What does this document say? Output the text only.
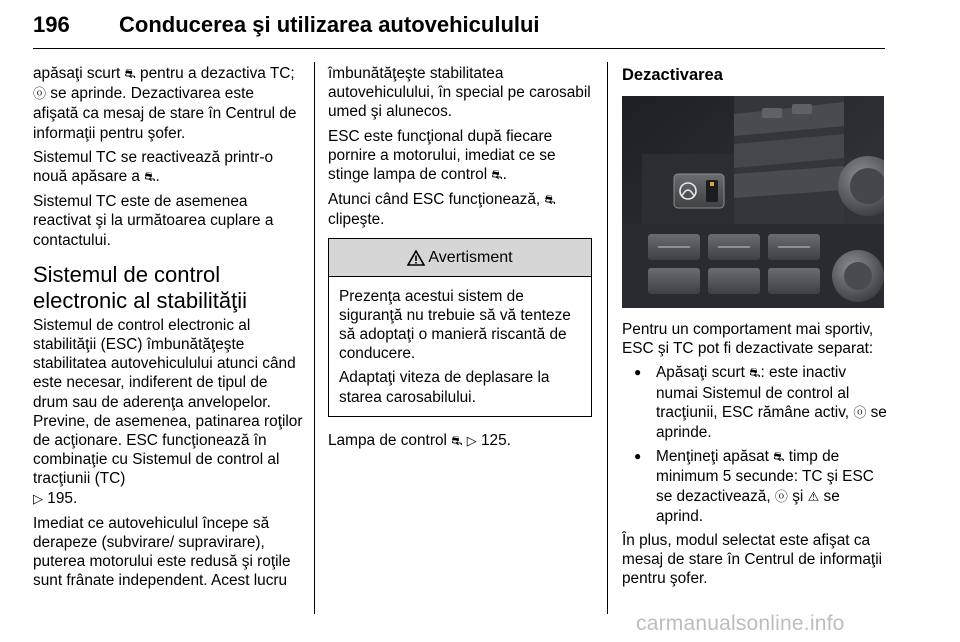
196 Conducerea şi utilizarea autovehiculului

apăsaţi scurt ⛐ pentru a dezactiva TC; ⓞ se aprinde. Dezactivarea este afişată ca mesaj de stare în Centrul de informaţii pentru şofer.

Sistemul TC se reactivează printr-o nouă apăsare a ⛐.

Sistemul TC este de asemenea reactivat şi la următoarea cuplare a contactului.

Sistemul de control electronic al stabilităţii

Sistemul de control electronic al stabilităţii (ESC) îmbunătăţeşte stabilitatea autovehiculului atunci când este necesar, indiferent de tipul de drum sau de aderenţa anvelopelor. Previne, de asemenea, patinarea roţilor de acţionare. ESC funcţionează în combinaţie cu Sistemul de control al tracţiunii (TC)
▷ 195.

Imediat ce autovehiculul începe să derapeze (subvirare/ supravirare), puterea motorului este redusă şi roţile sunt frânate independent. Acest lucru

îmbunătăţeşte stabilitatea autovehiculului, în special pe carosabil umed şi alunecos.

ESC este funcţional după fiecare pornire a motorului, imediat ce se stinge lampa de control ⛐.

Atunci când ESC funcţionează, ⛐ clipeşte.

Avertisment

Prezenţa acestui sistem de siguranţă nu trebuie să vă tenteze să adoptaţi o manieră riscantă de conducere.

Adaptaţi viteza de deplasare la starea carosabilului.

Lampa de control ⛐ ▷ 125.

Dezactivarea

Pentru un comportament mai sportiv, ESC şi TC pot fi dezactivate separat:

● Apăsaţi scurt ⛐: este inactiv numai Sistemul de control al tracţiunii, ESC rămâne activ, ⓞ se aprinde.
● Menţineţi apăsat ⛐ timp de minimum 5 secunde: TC şi ESC se dezactivează, ⓞ şi ⚠ se aprind.

În plus, modul selectat este afişat ca mesaj de stare în Centrul de informaţii pentru şofer.

carmanualsonline.info
